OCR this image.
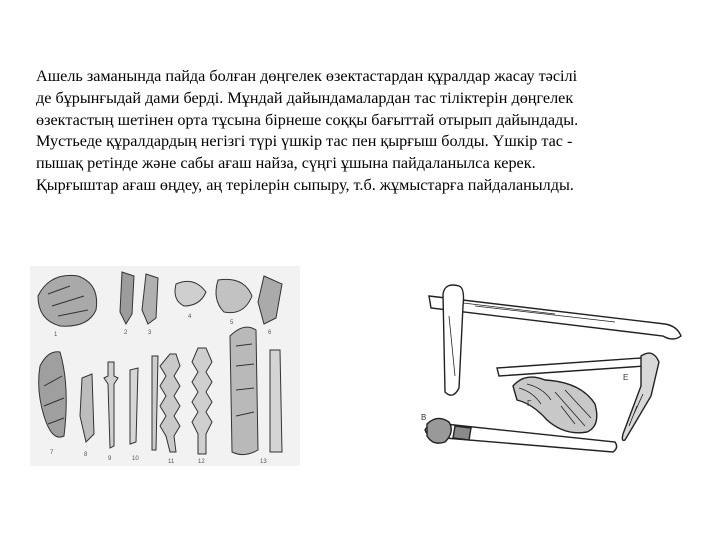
Ашель заманында пайда болған дөңгелек өзектастардан құралдар жасау тәсілі
де бұрынғыдай дами берді. Мұндай дайындамалардан тас тіліктерін дөңгелек
өзектастың шетінен орта тұсына бірнеше соққы бағыттай отырып дайындады.
Мустьеде құралдардың негізгі түрі үшкір тас пен қырғыш болды. Үшкір тас -
пышақ ретінде және сабы ағаш найза, сүңгі ұшына пайдаланылса керек.
Қырғыштар ағаш өңдеу, аң терілерін сыпыру, т.б. жұмыстарға пайдаланылды.
1	2	3
4
5
6
7	8
9	10	11	12	13
Г
Е
В
